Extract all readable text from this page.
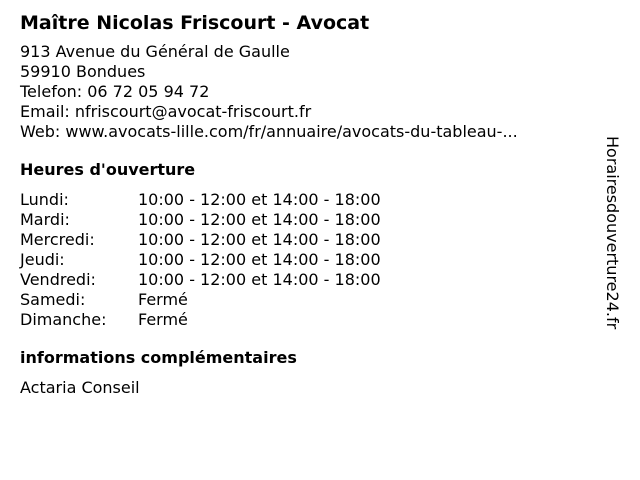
Maître Nicolas Friscourt - Avocat
913 Avenue du Général de Gaulle
59910 Bondues
Telefon: 06 72 05 94 72
Email: nfriscourt@avocat-friscourt.fr
Web: www.avocats-lille.com/fr/annuaire/avocats-du-tableau-...
Heures d'ouverture
Lundi:	10:00 - 12:00 et 14:00 - 18:00
Mardi:	10:00 - 12:00 et 14:00 - 18:00
Mercredi:	10:00 - 12:00 et 14:00 - 18:00
Jeudi:	10:00 - 12:00 et 14:00 - 18:00
Vendredi:	10:00 - 12:00 et 14:00 - 18:00
Samedi:	Fermé
Dimanche:	Fermé
informations complémentaires
Actaria Conseil
Horairesdouverture24.fr
